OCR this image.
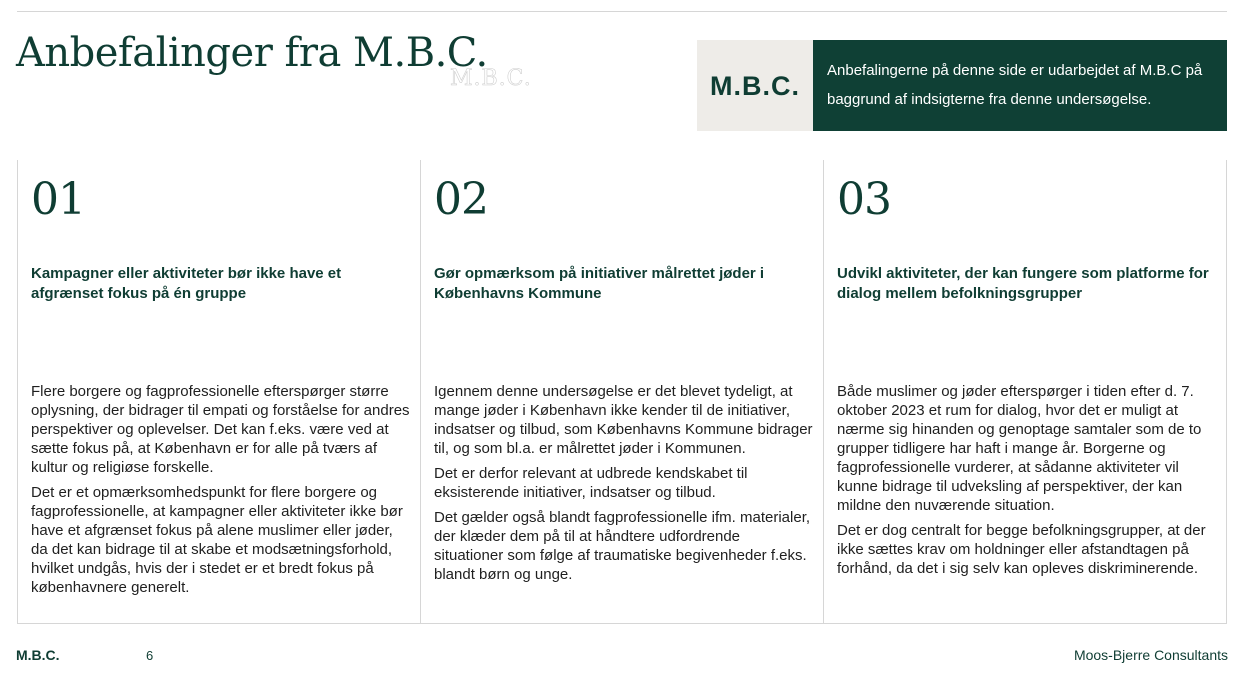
Anbefalinger fra M.B.C.
M.B.C.	M.B.C.
Anbefalingerne på denne side er udarbejdet af M.B.C på baggrund af indsigterne fra denne undersøgelse.
01
Kampagner eller aktiviteter bør ikke have et afgrænset fokus på én gruppe

Flere borgere og fagprofessionelle efterspørger større oplysning, der bidrager til empati og forståelse for andres perspektiver og oplevelser. Det kan f.eks. være ved at sætte fokus på, at København er for alle på tværs af kultur og religiøse forskelle.

Det er et opmærksomhedspunkt for flere borgere og fagprofessionelle, at kampagner eller aktiviteter ikke bør have et afgrænset fokus på alene muslimer eller jøder, da det kan bidrage til at skabe et modsætningsforhold, hvilket undgås, hvis der i stedet er et bredt fokus på københavnere generelt.

02
Gør opmærksom på initiativer målrettet jøder i Københavns Kommune

Igennem denne undersøgelse er det blevet tydeligt, at mange jøder i København ikke kender til de initiativer, indsatser og tilbud, som Københavns Kommune bidrager til, og som bl.a. er målrettet jøder i Kommunen.

Det er derfor relevant at udbrede kendskabet til eksisterende initiativer, indsatser og tilbud.

Det gælder også blandt fagprofessionelle ifm. materialer, der klæder dem på til at håndtere udfordrende situationer som følge af traumatiske begivenheder f.eks. blandt børn og unge.

03
Udvikl aktiviteter, der kan fungere som platforme for dialog mellem befolkningsgrupper

Både muslimer og jøder efterspørger i tiden efter d. 7. oktober 2023 et rum for dialog, hvor det er muligt at nærme sig hinanden og genoptage samtaler som de to grupper tidligere har haft i mange år. Borgerne og fagprofessionelle vurderer, at sådanne aktiviteter vil kunne bidrage til udveksling af perspektiver, der kan mildne den nuværende situation.

Det er dog centralt for begge befolkningsgrupper, at der ikke sættes krav om holdninger eller afstandtagen på forhånd, da det i sig selv kan opleves diskriminerende.

M.B.C.	6	Moos-Bjerre Consultants
